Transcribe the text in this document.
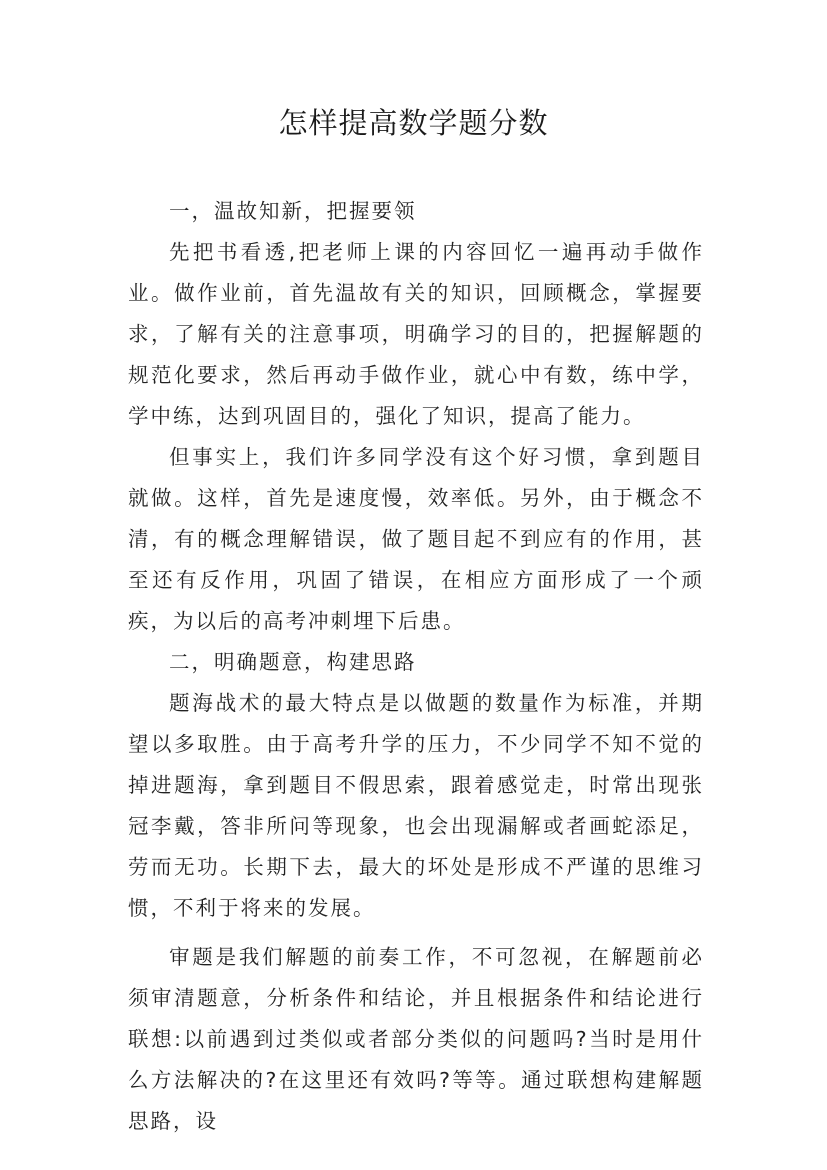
怎样提高数学题分数

一，温故知新，把握要领

先把书看透,把老师上课的内容回忆一遍再动手做作业。做作业前，首先温故有关的知识，回顾概念，掌握要求，了解有关的注意事项，明确学习的目的，把握解题的规范化要求，然后再动手做作业，就心中有数，练中学，学中练，达到巩固目的，强化了知识，提高了能力。

但事实上，我们许多同学没有这个好习惯，拿到题目就做。这样，首先是速度慢，效率低。另外，由于概念不清，有的概念理解错误，做了题目起不到应有的作用，甚至还有反作用，巩固了错误，在相应方面形成了一个顽疾，为以后的高考冲刺埋下后患。

二，明确题意，构建思路

题海战术的最大特点是以做题的数量作为标准，并期望以多取胜。由于高考升学的压力，不少同学不知不觉的掉进题海，拿到题目不假思索，跟着感觉走，时常出现张冠李戴，答非所问等现象，也会出现漏解或者画蛇添足，劳而无功。长期下去，最大的坏处是形成不严谨的思维习惯，不利于将来的发展。

审题是我们解题的前奏工作，不可忽视，在解题前必须审清题意，分析条件和结论，并且根据条件和结论进行联想:以前遇到过类似或者部分类似的问题吗?当时是用什么方法解决的?在这里还有效吗?等等。通过联想构建解题思路，设
